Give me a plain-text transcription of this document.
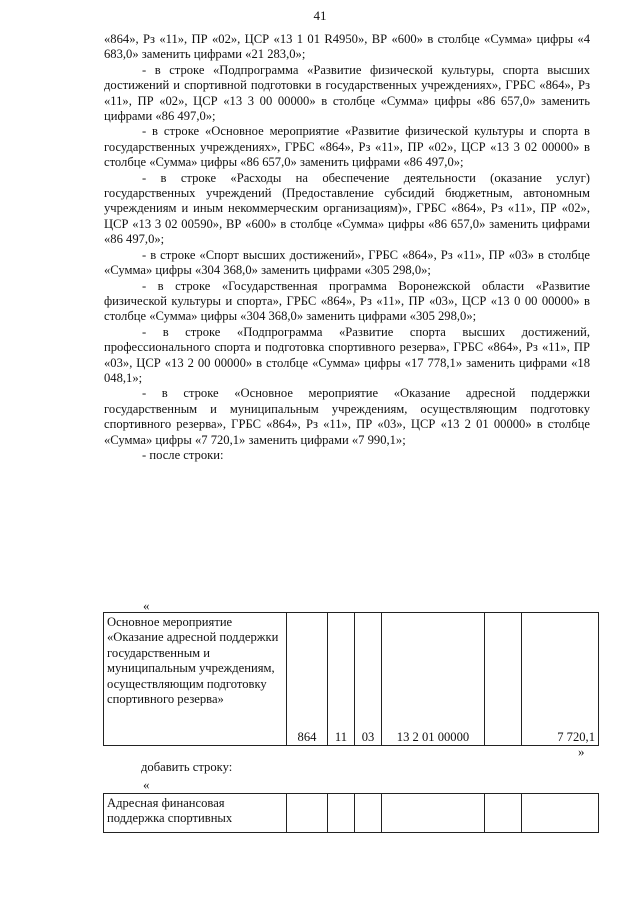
41

«864», Рз «11», ПР «02», ЦСР «13 1 01 R4950», ВР «600» в столбце «Сумма» цифры «4 683,0» заменить цифрами «21 283,0»;

- в строке «Подпрограмма «Развитие физической культуры, спорта высших достижений и спортивной подготовки в государственных учреждениях», ГРБС «864», Рз «11», ПР «02», ЦСР «13 3 00 00000» в столбце «Сумма» цифры «86 657,0» заменить цифрами «86 497,0»;

- в строке «Основное мероприятие «Развитие физической культуры и спорта в государственных учреждениях», ГРБС «864», Рз «11», ПР «02», ЦСР «13 3 02 00000» в столбце «Сумма» цифры «86 657,0» заменить цифрами «86 497,0»;

- в строке «Расходы на обеспечение деятельности (оказание услуг) государственных учреждений (Предоставление субсидий бюджетным, автономным учреждениям и иным некоммерческим организациям)», ГРБС «864», Рз «11», ПР «02», ЦСР «13 3 02 00590», ВР «600» в столбце «Сумма» цифры «86 657,0» заменить цифрами «86 497,0»;

- в строке «Спорт высших достижений», ГРБС «864», Рз «11», ПР «03» в столбце «Сумма» цифры «304 368,0» заменить цифрами «305 298,0»;

- в строке «Государственная программа Воронежской области «Развитие физической культуры и спорта», ГРБС «864», Рз «11», ПР «03», ЦСР «13 0 00 00000» в столбце «Сумма» цифры «304 368,0» заменить цифрами «305 298,0»;

- в строке «Подпрограмма «Развитие спорта высших достижений, профессионального спорта и подготовка спортивного резерва», ГРБС «864», Рз «11», ПР «03», ЦСР «13 2 00 00000» в столбце «Сумма» цифры «17 778,1» заменить цифрами «18 048,1»;

- в строке «Основное мероприятие «Оказание адресной поддержки государственным и муниципальным учреждениям, осуществляющим подготовку спортивного резерва», ГРБС «864», Рз «11», ПР «03», ЦСР «13 2 01 00000» в столбце «Сумма» цифры «7 720,1» заменить цифрами «7 990,1»;

- после строки:

«
Основное мероприятие «Оказание адресной поддержки государственным и муниципальным учреждениям, осуществляющим подготовку спортивного резерва»	864	11	03	13 2 01 00000		7 720,1
»
добавить строку:
«
Адресная финансовая поддержка спортивных						
